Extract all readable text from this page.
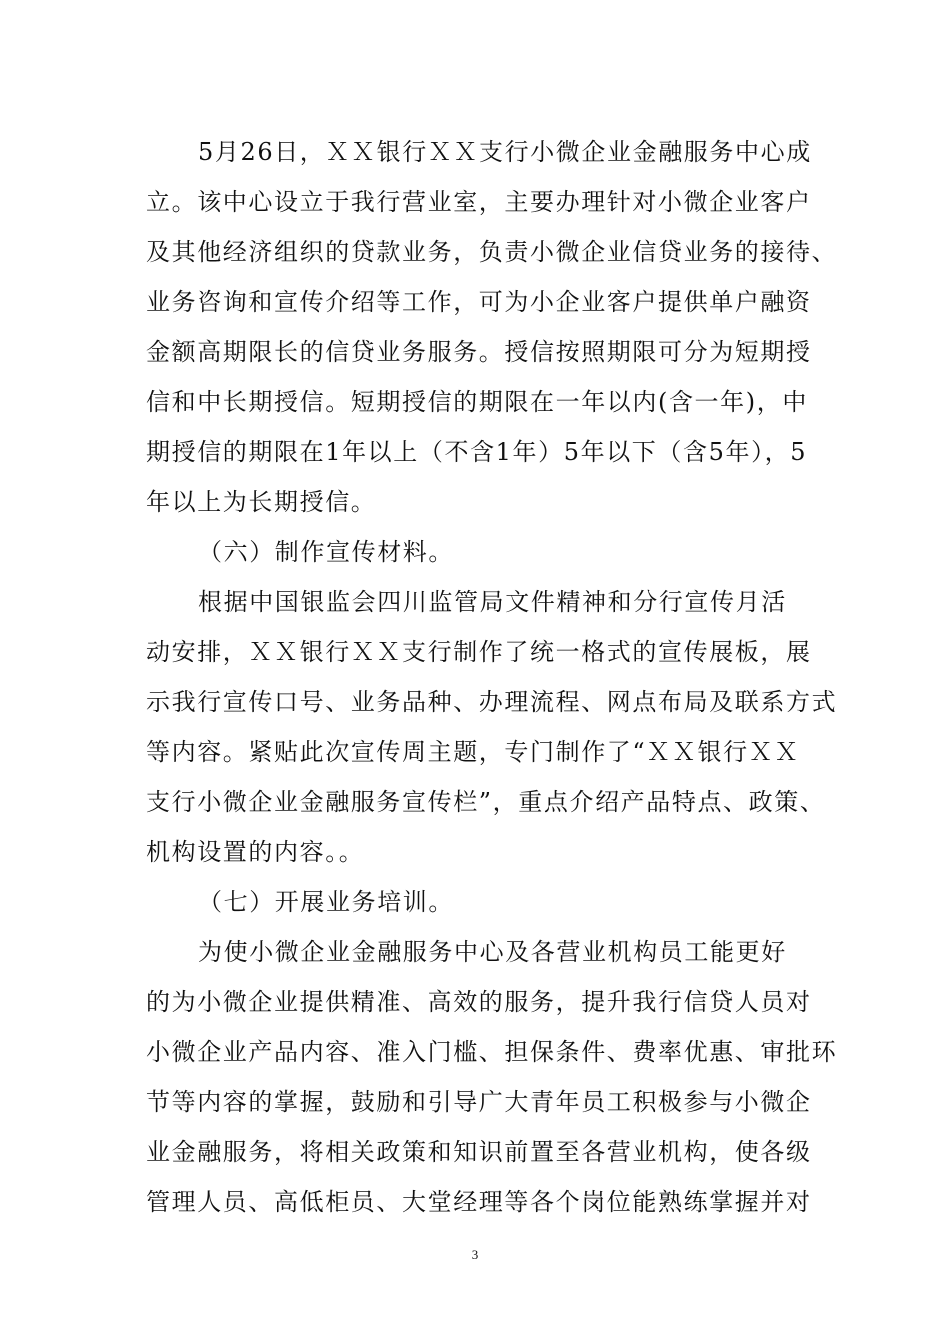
5月26日，ＸＸ银行ＸＸ支行小微企业金融服务中心成
立。该中心设立于我行营业室，主要办理针对小微企业客户
及其他经济组织的贷款业务，负责小微企业信贷业务的接待、
业务咨询和宣传介绍等工作，可为小企业客户提供单户融资
金额高期限长的信贷业务服务。授信按照期限可分为短期授
信和中长期授信。短期授信的期限在一年以内(含一年)，中
期授信的期限在1年以上（不含1年）5年以下（含5年），5
年以上为长期授信。
（六）制作宣传材料。
根据中国银监会四川监管局文件精神和分行宣传月活
动安排，ＸＸ银行ＸＸ支行制作了统一格式的宣传展板，展
示我行宣传口号、业务品种、办理流程、网点布局及联系方式
等内容。紧贴此次宣传周主题，专门制作了“ＸＸ银行ＸＸ
支行小微企业金融服务宣传栏”，重点介绍产品特点、政策、
机构设置的内容。。
（七）开展业务培训。
为使小微企业金融服务中心及各营业机构员工能更好
的为小微企业提供精准、高效的服务，提升我行信贷人员对
小微企业产品内容、准入门槛、担保条件、费率优惠、审批环
节等内容的掌握，鼓励和引导广大青年员工积极参与小微企
业金融服务，将相关政策和知识前置至各营业机构，使各级
管理人员、高低柜员、大堂经理等各个岗位能熟练掌握并对
3
